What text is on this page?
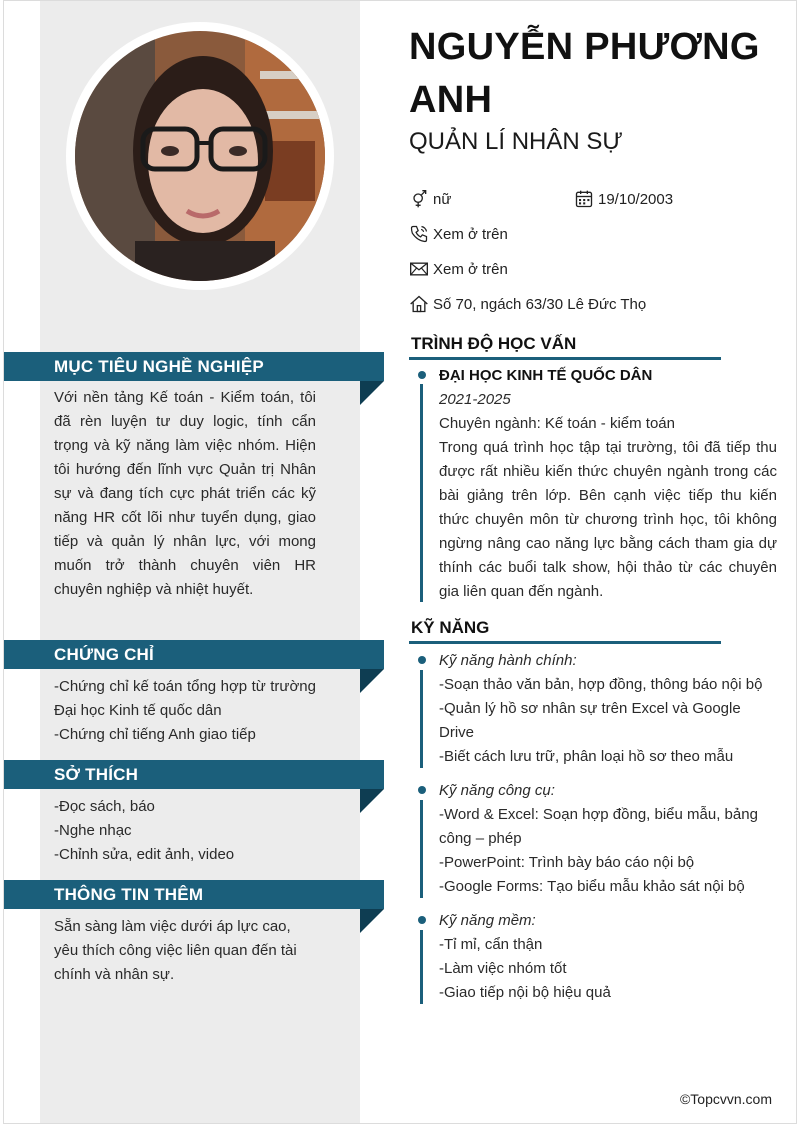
MỤC TIÊU NGHỀ NGHIỆP
Với nền tảng Kế toán - Kiểm toán, tôi đã rèn luyện tư duy logic, tính cẩn trọng và kỹ năng làm việc nhóm. Hiện tôi hướng đến lĩnh vực Quản trị Nhân sự và đang tích cực phát triển các kỹ năng HR cốt lõi như tuyển dụng, giao tiếp và quản lý nhân lực, với mong muốn trở thành chuyên viên HR chuyên nghiệp và nhiệt huyết.
CHỨNG CHỈ
-Chứng chỉ kế toán tổng hợp từ trường Đại học Kinh tế quốc dân
-Chứng chỉ tiếng Anh giao tiếp
SỞ THÍCH
-Đọc sách, báo
-Nghe nhạc
-Chỉnh sửa, edit ảnh, video
THÔNG TIN THÊM
Sẵn sàng làm việc dưới áp lực cao, yêu thích công việc liên quan đến tài chính và nhân sự.
NGUYỄN PHƯƠNG
ANH
QUẢN LÍ NHÂN SỰ
nữ	19/10/2003
Xem ở trên
Xem ở trên
Số 70, ngách 63/30 Lê Đức Thọ
TRÌNH ĐỘ HỌC VẤN
ĐẠI HỌC KINH TẾ QUỐC DÂN
2021-2025
Chuyên ngành: Kế toán - kiểm toán
Trong quá trình học tập tại trường, tôi đã tiếp thu được rất nhiều kiến thức chuyên ngành trong các bài giảng trên lớp. Bên cạnh việc tiếp thu kiến thức chuyên môn từ chương trình học, tôi không ngừng nâng cao năng lực bằng cách tham gia dự thính các buổi talk show, hội thảo từ các chuyên gia liên quan đến ngành.
KỸ NĂNG
Kỹ năng hành chính:
-Soạn thảo văn bản, hợp đồng, thông báo nội bộ
-Quản lý hồ sơ nhân sự trên Excel và Google Drive
-Biết cách lưu trữ, phân loại hồ sơ theo mẫu
Kỹ năng công cụ:
-Word & Excel: Soạn hợp đồng, biểu mẫu, bảng công – phép
-PowerPoint: Trình bày báo cáo nội bộ
-Google Forms: Tạo biểu mẫu khảo sát nội bộ
Kỹ năng mềm:
-Tỉ mỉ, cẩn thận
-Làm việc nhóm tốt
-Giao tiếp nội bộ hiệu quả
©Topcvvn.com
